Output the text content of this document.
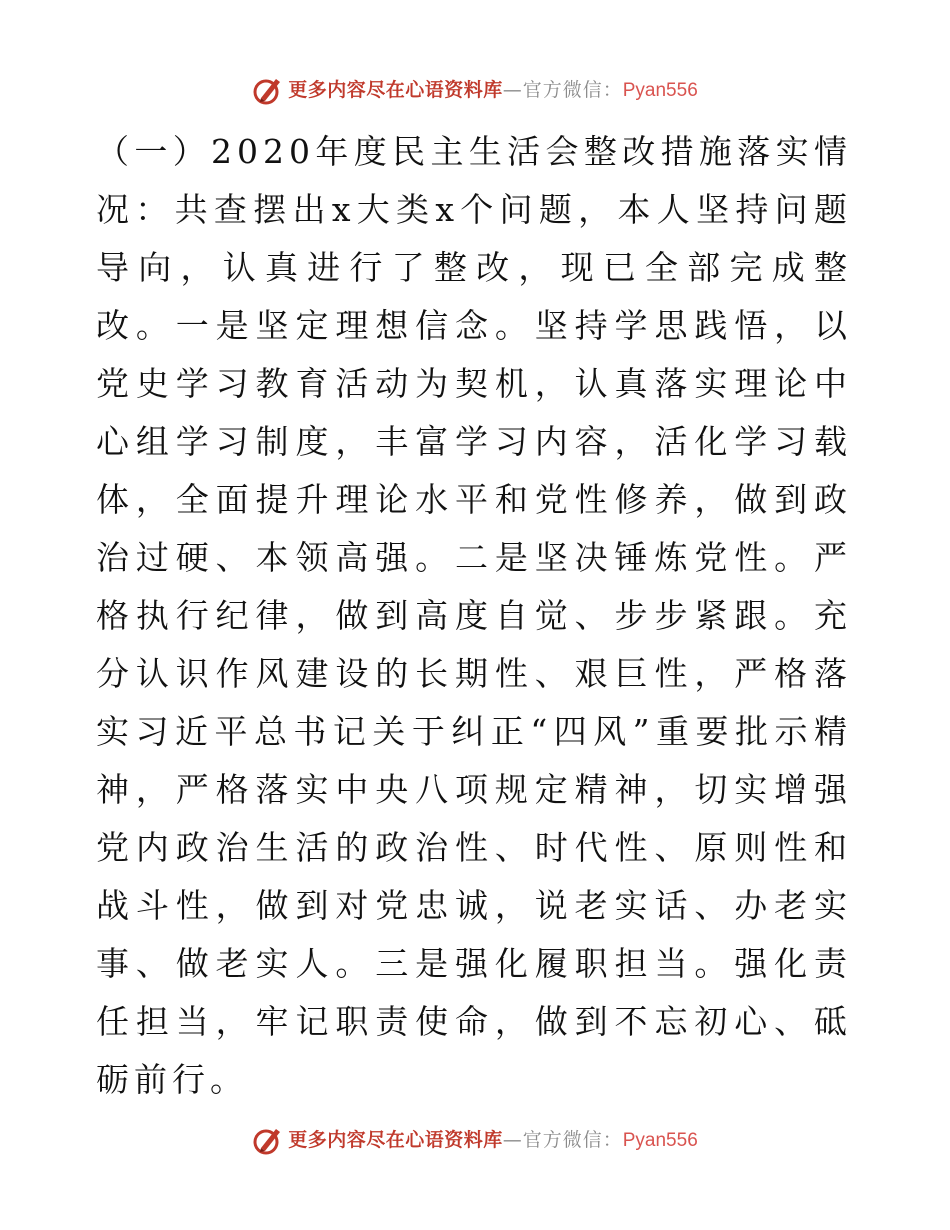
更多内容尽在心语资料库 —官方微信： Pyan556

（一）2020年度民主生活会整改措施落实情况：共查摆出x大类x个问题，本人坚持问题导向，认真进行了整改，现已全部完成整改。一是坚定理想信念。坚持学思践悟，以党史学习教育活动为契机，认真落实理论中心组学习制度，丰富学习内容，活化学习载体，全面提升理论水平和党性修养，做到政治过硬、本领高强。二是坚决锤炼党性。严格执行纪律，做到高度自觉、步步紧跟。充分认识作风建设的长期性、艰巨性，严格落实习近平总书记关于纠正“四风”重要批示精神，严格落实中央八项规定精神，切实增强党内政治生活的政治性、时代性、原则性和战斗性，做到对党忠诚，说老实话、办老实事、做老实人。三是强化履职担当。强化责任担当，牢记职责使命，做到不忘初心、砥砺前行。

更多内容尽在心语资料库 —官方微信： Pyan556
